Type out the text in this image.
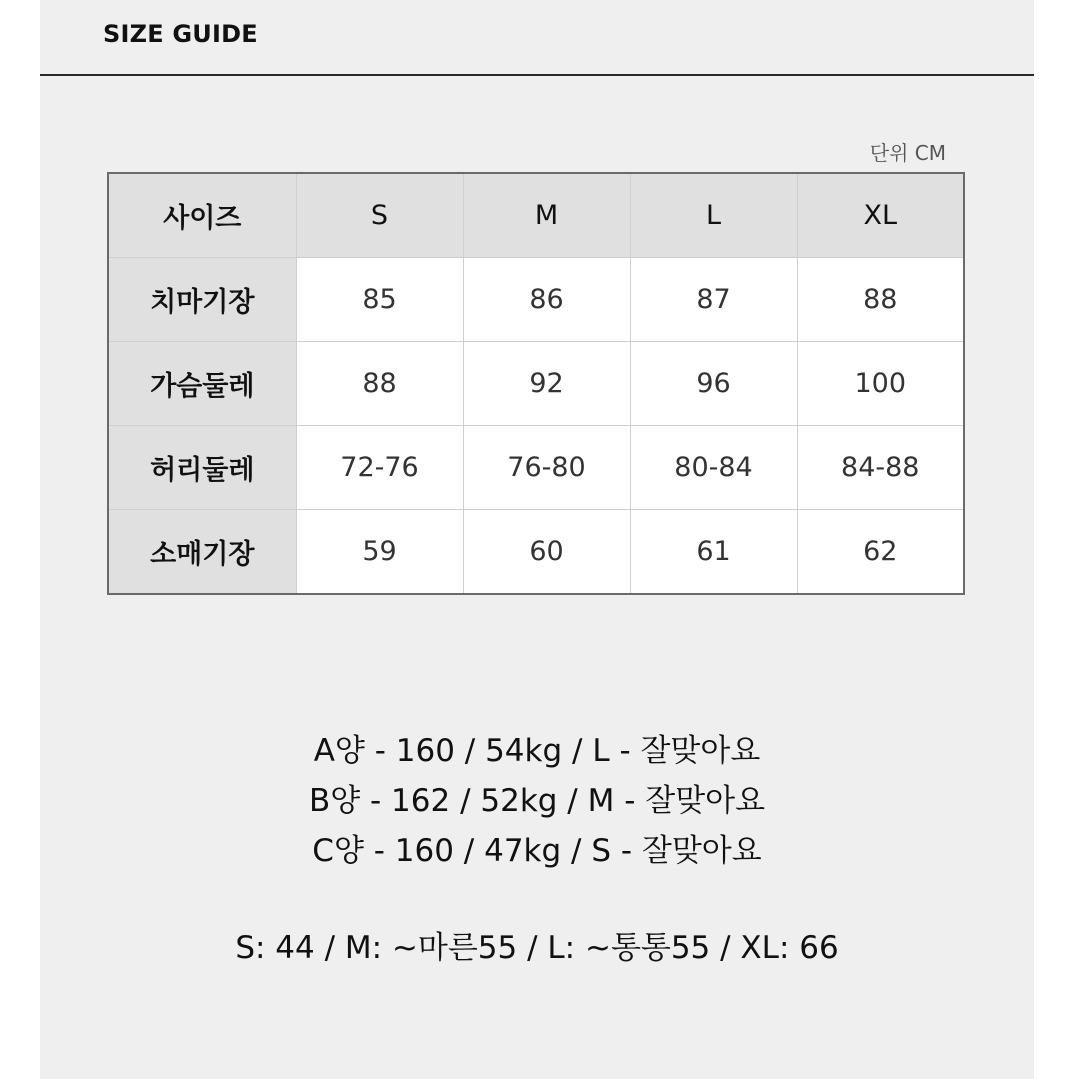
SIZE GUIDE
단위 CM
사이즈	S	M	L	XL
치마기장	85	86	87	88
가슴둘레	88	92	96	100
허리둘레	72-76	76-80	80-84	84-88
소매기장	59	60	61	62
A양 - 160 / 54kg / L - 잘맞아요
B양 - 162 / 52kg / M - 잘맞아요
C양 - 160 / 47kg / S - 잘맞아요
S: 44 / M: ~마른55 / L: ~통통55 / XL: 66
